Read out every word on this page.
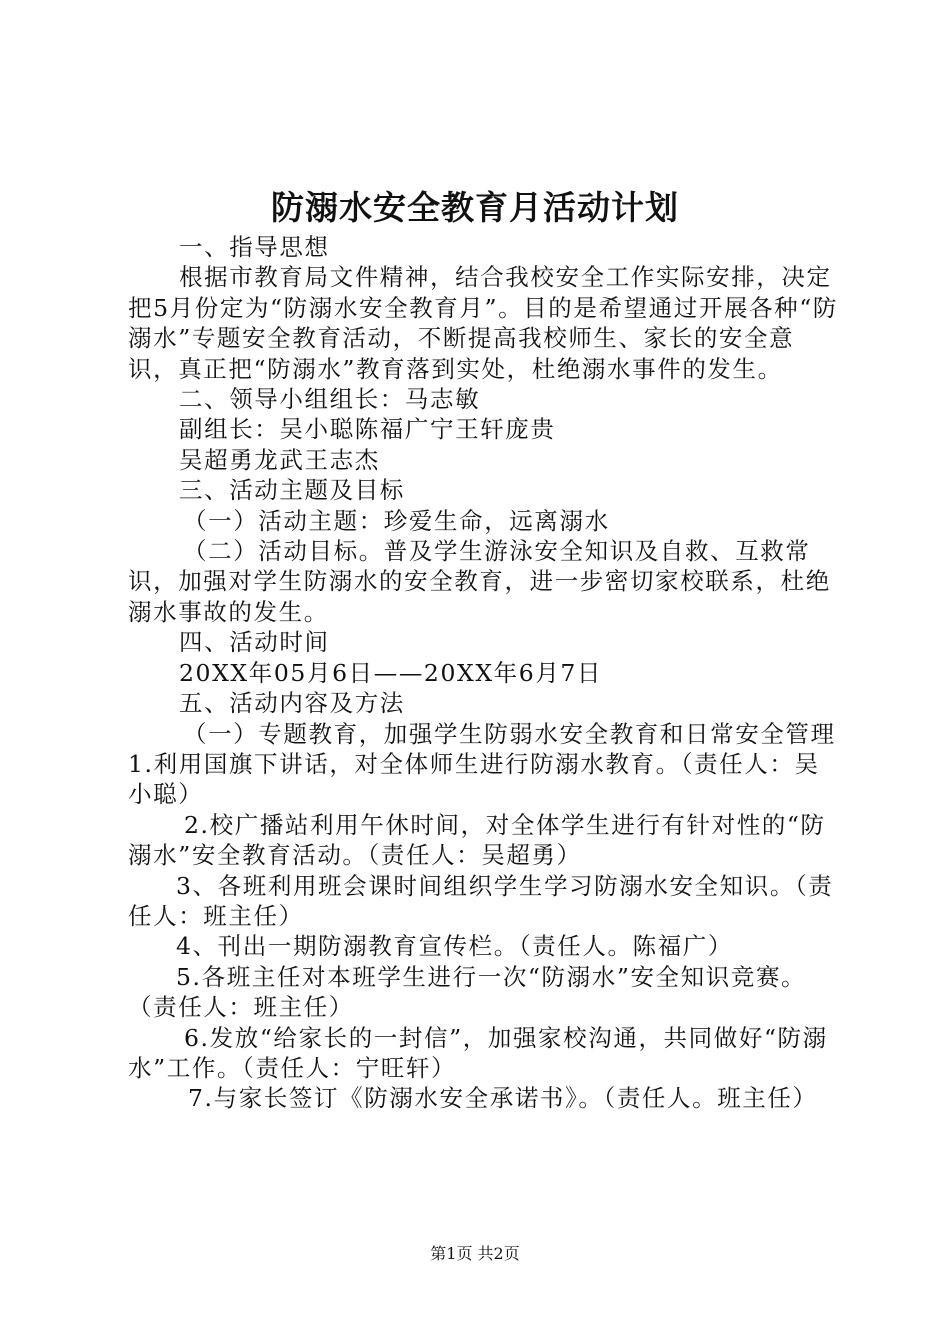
防溺水安全教育月活动计划

一、指导思想

根据市教育局文件精神，结合我校安全工作实际安排，决定把5月份定为“防溺水安全教育月”。目的是希望通过开展各种“防溺水”专题安全教育活动，不断提高我校师生、家长的安全意识，真正把“防溺水”教育落到实处，杜绝溺水事件的发生。

二、领导小组组长：马志敏

副组长：吴小聪陈福广宁王轩庞贵

吴超勇龙武王志杰

三、活动主题及目标

（一）活动主题：珍爱生命，远离溺水

（二）活动目标。普及学生游泳安全知识及自救、互救常识，加强对学生防溺水的安全教育，进一步密切家校联系，杜绝溺水事故的发生。

四、活动时间

20XX年05月6日——20XX年6月7日

五、活动内容及方法

（一）专题教育，加强学生防弱水安全教育和日常安全管理1.利用国旗下讲话，对全体师生进行防溺水教育。（责任人：吴小聪）

2.校广播站利用午休时间，对全体学生进行有针对性的“防溺水”安全教育活动。（责任人：吴超勇）

3、各班利用班会课时间组织学生学习防溺水安全知识。（责任人：班主任）

4、刊出一期防溺教育宣传栏。（责任人。陈福广）

5.各班主任对本班学生进行一次“防溺水”安全知识竞赛。（责任人：班主任）

6.发放“给家长的一封信”，加强家校沟通，共同做好“防溺水”工作。（责任人：宁旺轩）

7.与家长签订《防溺水安全承诺书》。（责任人。班主任）

第1页 共2页
